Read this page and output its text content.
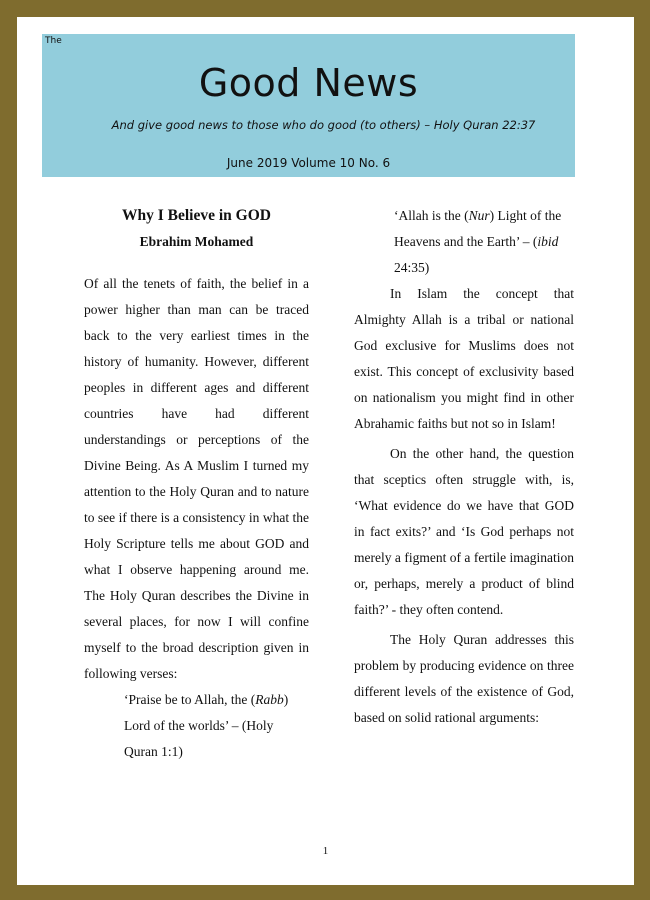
The
Good News
And give good news to those who do good (to others) – Holy Quran 22:37
June 2019 Volume 10 No. 6
Why I Believe in GOD
Ebrahim Mohamed

Of all the tenets of faith, the belief in a power higher than man can be traced back to the very earliest times in the history of humanity. However, different peoples in different ages and different countries have had different understandings or perceptions of the Divine Being. As A Muslim I turned my attention to the Holy Quran and to nature to see if there is a consistency in what the Holy Scripture tells me about GOD and what I observe happening around me. The Holy Quran describes the Divine in several places, for now I will confine myself to the broad description given in following verses:

‘Praise be to Allah, the (Rabb) Lord of the worlds’ – (Holy Quran 1:1)

‘Allah is the (Nur) Light of the Heavens and the Earth’ – (ibid 24:35)

In Islam the concept that Almighty Allah is a tribal or national God exclusive for Muslims does not exist. This concept of exclusivity based on nationalism you might find in other Abrahamic faiths but not so in Islam!

On the other hand, the question that sceptics often struggle with, is, ‘What evidence do we have that GOD in fact exits?’ and ‘Is God perhaps not merely a figment of a fertile imagination or, perhaps, merely a product of blind faith?’ - they often contend.

The Holy Quran addresses this problem by producing evidence on three different levels of the existence of God, based on solid rational arguments:

1
